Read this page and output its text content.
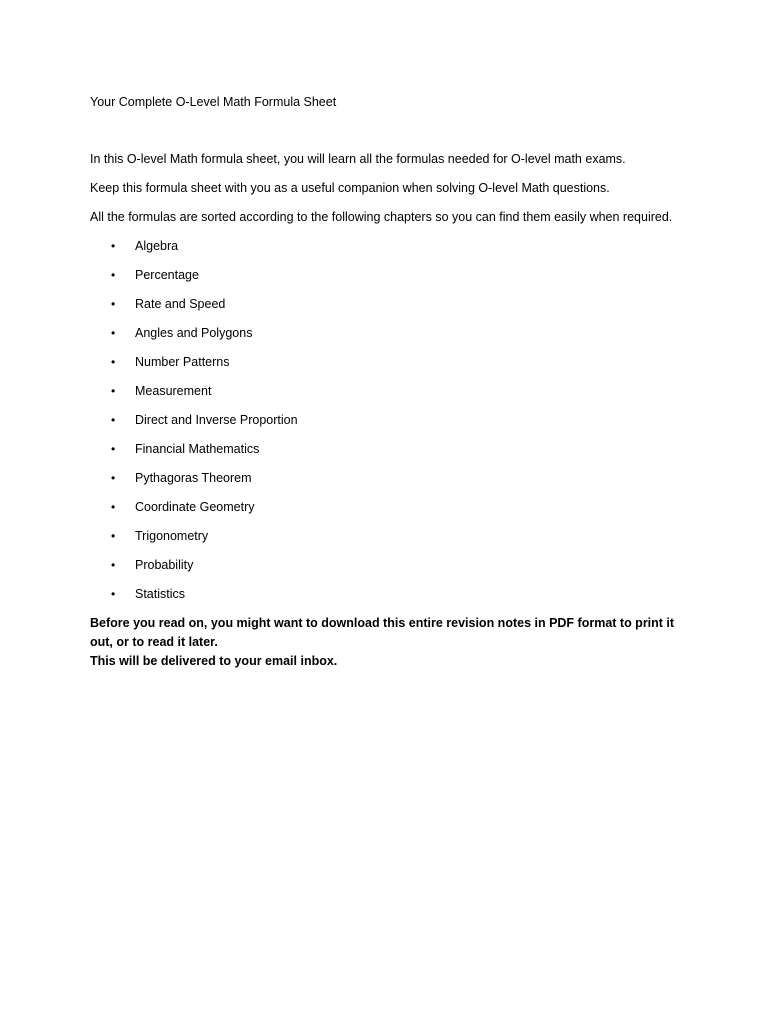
Your Complete O-Level Math Formula Sheet

In this O-level Math formula sheet, you will learn all the formulas needed for O-level math exams.

Keep this formula sheet with you as a useful companion when solving O-level Math questions.

All the formulas are sorted according to the following chapters so you can find them easily when required.

• Algebra
• Percentage
• Rate and Speed
• Angles and Polygons
• Number Patterns
• Measurement
• Direct and Inverse Proportion
• Financial Mathematics
• Pythagoras Theorem
• Coordinate Geometry
• Trigonometry
• Probability
• Statistics

Before you read on, you might want to download this entire revision notes in PDF format to print it out, or to read it later.

This will be delivered to your email inbox.
